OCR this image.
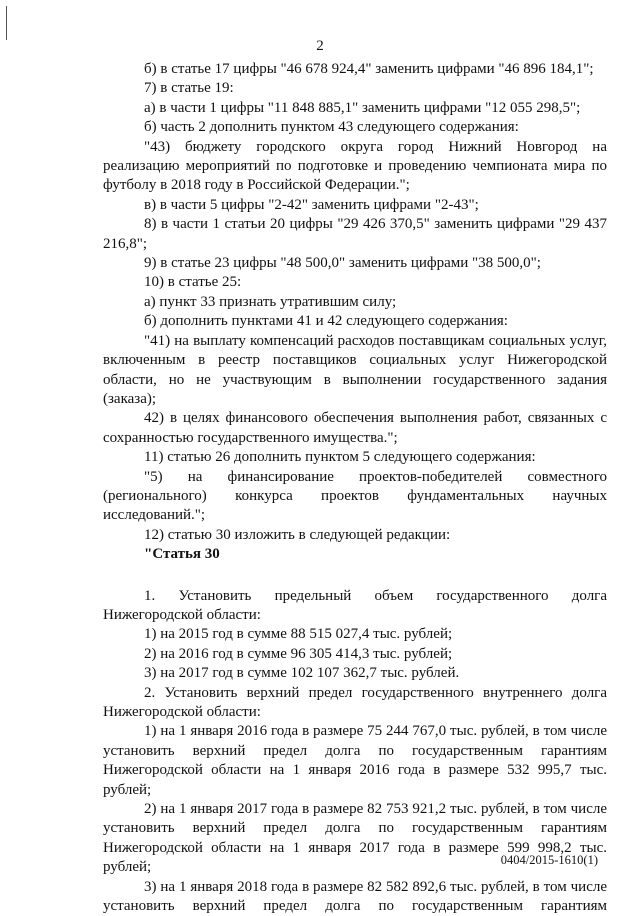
2

б) в статье 17 цифры "46 678 924,4" заменить цифрами "46 896 184,1";

7) в статье 19:

а) в части 1 цифры "11 848 885,1" заменить цифрами "12 055 298,5";

б) часть 2 дополнить пунктом 43 следующего содержания:

"43) бюджету городского округа город Нижний Новгород на реализацию мероприятий по подготовке и проведению чемпионата мира по футболу в 2018 году в Российской Федерации.";

в) в части 5 цифры "2-42" заменить цифрами "2-43";

8) в части 1 статьи 20 цифры "29 426 370,5" заменить цифрами "29 437 216,8";

9) в статье 23 цифры "48 500,0" заменить цифрами "38 500,0";

10) в статье 25:

а) пункт 33 признать утратившим силу;

б) дополнить пунктами 41 и 42 следующего содержания:

"41) на выплату компенсаций расходов поставщикам социальных услуг, включенным в реестр поставщиков социальных услуг Нижегородской области, но не участвующим в выполнении государственного задания (заказа);

42) в целях финансового обеспечения выполнения работ, связанных с сохранностью государственного имущества.";

11) статью 26 дополнить пунктом 5 следующего содержания:

"5) на финансирование проектов-победителей совместного (регионального) конкурса проектов фундаментальных научных исследований.";

12) статью 30 изложить в следующей редакции:

"Статья 30

1. Установить предельный объем государственного долга Нижегородской области:

1) на 2015 год в сумме 88 515 027,4 тыс. рублей;

2) на 2016 год в сумме 96 305 414,3 тыс. рублей;

3) на 2017 год в сумме 102 107 362,7 тыс. рублей.

2. Установить верхний предел государственного внутреннего долга Нижегородской области:

1) на 1 января 2016 года в размере 75 244 767,0 тыс. рублей, в том числе установить верхний предел долга по государственным гарантиям Нижегородской области на 1 января 2016 года в размере 532 995,7 тыс. рублей;

2) на 1 января 2017 года в размере 82 753 921,2 тыс. рублей, в том числе установить верхний предел долга по государственным гарантиям Нижегородской области на 1 января 2017 года в размере 599 998,2 тыс. рублей;

3) на 1 января 2018 года в размере 82 582 892,6 тыс. рублей, в том числе установить верхний предел долга по государственным гарантиям

0404/2015-1610(1)
